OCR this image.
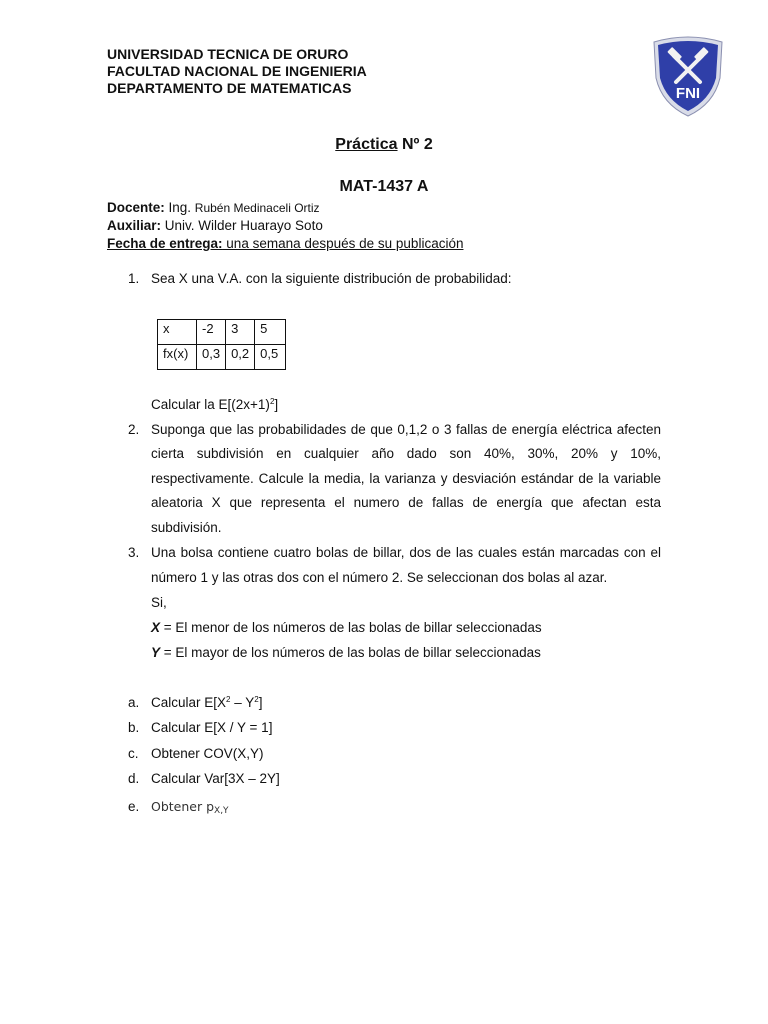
UNIVERSIDAD TECNICA DE ORURO
FACULTAD NACIONAL DE INGENIERIA
DEPARTAMENTO DE MATEMATICAS	FNI
Práctica Nº 2
MAT-1437 A
Docente: Ing. Rubén Medinaceli Ortiz
Auxiliar: Univ. Wilder Huarayo Soto
Fecha de entrega: una semana después de su publicación
1. Sea X una V.A. con la siguiente distribución de probabilidad:
x	-2	3	5
fx(x)	0,3	0,2	0,5
Calcular la $E[(2x+1)^2]$
2. Suponga que las probabilidades de que 0,1,2 o 3 fallas de energía eléctrica afecten
cierta subdivisión en cualquier año dado son 40%, 30%, 20% y 10%,
respectivamente. Calcule la media, la varianza y desviación estándar de la variable
aleatoria X que representa el numero de fallas de energía que afectan esta
subdivisión.
3. Una bolsa contiene cuatro bolas de billar, dos de las cuales están marcadas con el
número 1 y las otras dos con el número 2. Se seleccionan dos bolas al azar.
Si,
X = El menor de los números de las bolas de billar seleccionadas
Y = El mayor de los números de las bolas de billar seleccionadas
a. Calcular $E[X^2 - Y^2]$
b. Calcular E[X / Y = 1]
c. Obtener COV(X,Y)
d. Calcular Var[3X – 2Y]
e. Obtener $p_{X,Y}$
